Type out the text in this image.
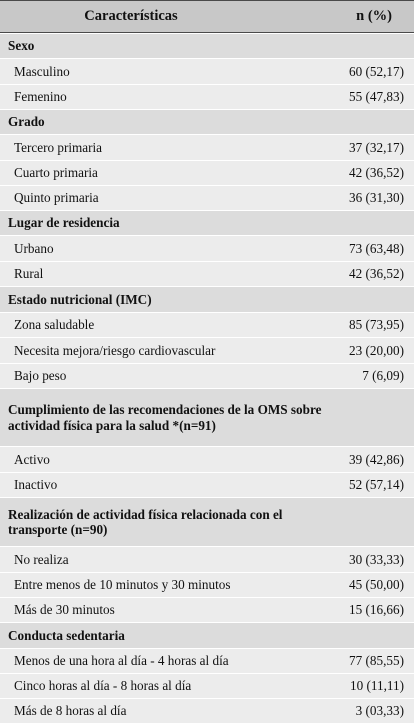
Características	n (%)
Sexo
Masculino	60 (52,17)
Femenino	55 (47,83)
Grado
Tercero primaria	37 (32,17)
Cuarto primaria	42 (36,52)
Quinto primaria	36 (31,30)
Lugar de residencia
Urbano	73 (63,48)
Rural	42 (36,52)
Estado nutricional (IMC)
Zona saludable	85 (73,95)
Necesita mejora/riesgo cardiovascular	23 (20,00)
Bajo peso	7 (6,09)
Cumplimiento de las recomendaciones de la OMS sobre actividad física para la salud *(n=91)
Activo	39 (42,86)
Inactivo	52 (57,14)
Realización de actividad física relacionada con el transporte (n=90)
No realiza	30 (33,33)
Entre menos de 10 minutos y 30 minutos	45 (50,00)
Más de 30 minutos	15 (16,66)
Conducta sedentaria
Menos de una hora al día - 4 horas al día	77 (85,55)
Cinco horas al día - 8 horas al día	10 (11,11)
Más de 8 horas al día	3 (03,33)
